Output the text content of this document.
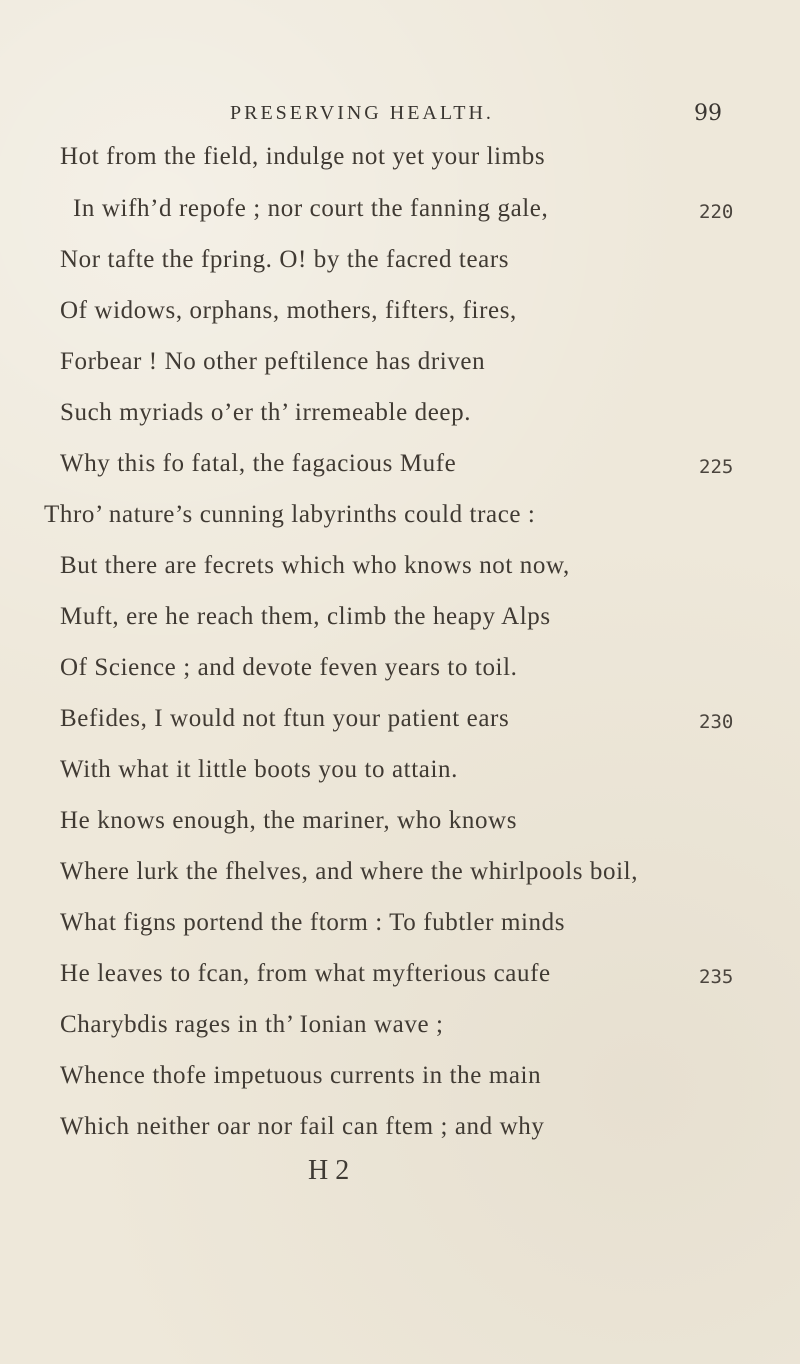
PRESERVING HEALTH.	99
Hot from the field, indulge not yet your limbs
In wifh’d repofe ; nor court the fanning gale,
Nor tafte the fpring. O! by the facred tears
Of widows, orphans, mothers, fifters, fires,
Forbear ! No other peftilence has driven
Such myriads o’er th’ irremeable deep.
Why this fo fatal, the fagacious Mufe
Thro’ nature’s cunning labyrinths could trace :
But there are fecrets which who knows not now,
Muft, ere he reach them, climb the heapy Alps
Of Science ; and devote feven years to toil.
Befides, I would not ftun your patient ears
With what it little boots you to attain.
He knows enough, the mariner, who knows
Where lurk the fhelves, and where the whirlpools boil,
What figns portend the ftorm : To fubtler minds
He leaves to fcan, from what myfterious caufe
Charybdis rages in th’ Ionian wave ;
Whence thofe impetuous currents in the main
Which neither oar nor fail can ftem ; and why
220
225
230
235
H 2
